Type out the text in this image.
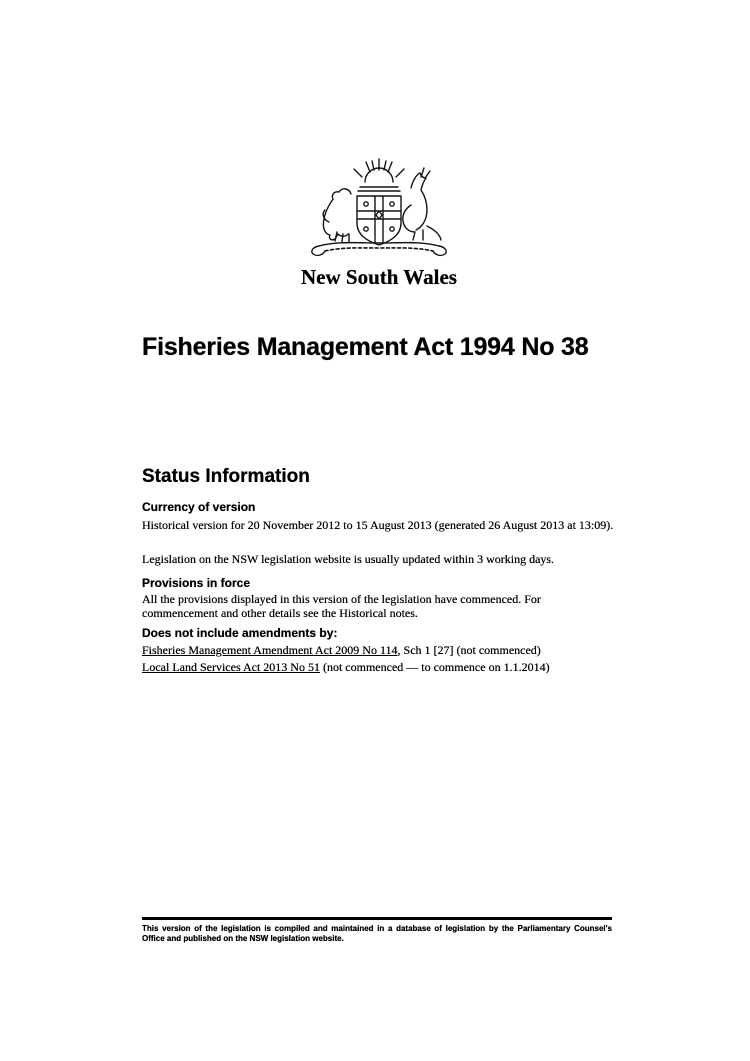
New South Wales
Fisheries Management Act 1994 No 38
Status Information
Currency of version
Historical version for 20 November 2012 to 15 August 2013 (generated 26 August 2013 at 13:09).
Legislation on the NSW legislation website is usually updated within 3 working days.
Provisions in force
All the provisions displayed in this version of the legislation have commenced. For commencement and other details see the Historical notes.
Does not include amendments by:
Fisheries Management Amendment Act 2009 No 114, Sch 1 [27] (not commenced)
Local Land Services Act 2013 No 51 (not commenced — to commence on 1.1.2014)
This version of the legislation is compiled and maintained in a database of legislation by the Parliamentary Counsel's Office and published on the NSW legislation website.
